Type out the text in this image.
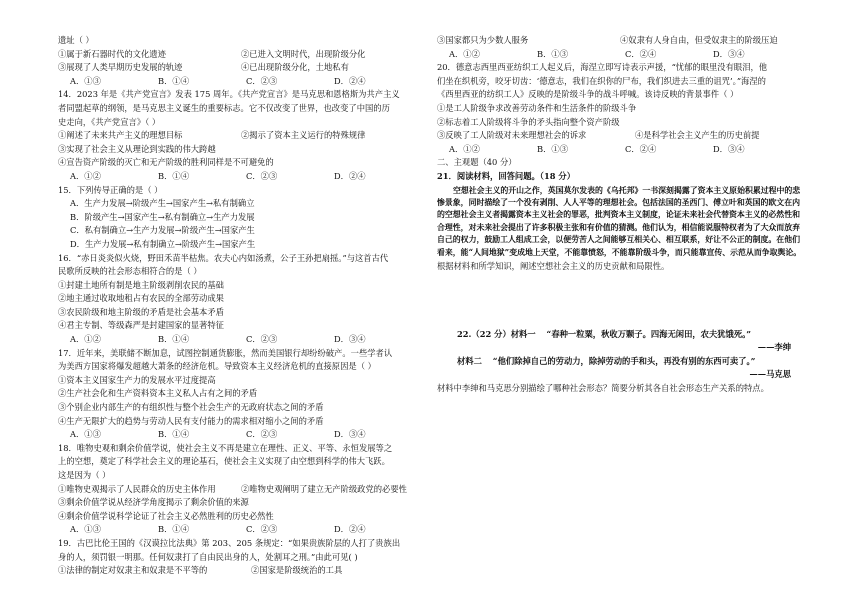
遗址（ ）
①属于新石器时代的文化遗迹	②已进入文明时代，出现阶级分化
③展现了人类早期历史发展的轨迹	④已出现阶级分化，土地私有
A．①③	B．①④	C．②③	D．②④
14．2023 年是《共产党宣言》发表 175 周年。《共产党宣言》是马克思和恩格斯为共产主义
者同盟起草的纲领，是马克思主义诞生的重要标志。它不仅改变了世界，也改变了中国的历
史走向，《共产党宣言》（ ）
①阐述了未来共产主义的理想目标	②揭示了资本主义运行的特殊规律
③实现了社会主义从理论到实践的伟大跨越
④宣告资产阶级的灭亡和无产阶级的胜利同样是不可避免的
A．①②	B．①④	C．②③	D．②④
15．下列传导正确的是（ ）
A．生产力发展→阶级产生→国家产生→私有制确立
B．阶级产生→国家产生→私有制确立→生产力发展
C．私有制确立→生产力发展→阶级产生→国家产生
D．生产力发展→私有制确立→阶级产生→国家产生
16．“赤日炎炎似火烧，野田禾苗半枯焦。农夫心内如汤煮，公子王孙把扇摇。”与这首古代
民歌所反映的社会形态相符合的是（ ）
①封建土地所有制是地主阶级剥削农民的基础
②地主通过收取地租占有农民的全部劳动成果
③农民阶级和地主阶级的矛盾是社会基本矛盾
④君主专制、等级森严是封建国家的显著特征
A．①②	B．①④	C．②③	D．③④
17．近年来，美联储不断加息，试图控制通货膨胀，然而美国银行却纷纷破产。一些学者认
为美西方国家将爆发超越大萧条的经济危机。导致资本主义经济危机的直接原因是（ ）
①资本主义国家生产力的发展水平过度提高
②生产社会化和生产资料资本主义私人占有之间的矛盾
③个别企业内部生产的有组织性与整个社会生产的无政府状态之间的矛盾
④生产无限扩大的趋势与劳动人民有支付能力的需求相对缩小之间的矛盾
A．①③	B．①④	C．②③	D．③④
18．唯物史观和剩余价值学说，使社会主义不再是建立在理性、正义、平等、永恒发展等之
上的空想，奠定了科学社会主义的理论基石，使社会主义实现了由空想到科学的伟大飞跃。
这是因为（ ）
①唯物史观揭示了人民群众的历史主体作用	②唯物史观阐明了建立无产阶级政党的必要性
③剩余价值学说从经济学角度揭示了剩余价值的来源
④剩余价值学说科学论证了社会主义必然胜利的历史必然性
A．①③	B．①④	C．②③	D．②④
19．古巴比伦王国的《汉谟拉比法典》第 203、205 条规定：“如果贵族阶层的人打了贵族出
身的人，须罚银一明那。任何奴隶打了自由民出身的人，处割耳之刑。”由此可见( )
①法律的制定对奴隶主和奴隶是不平等的	②国家是阶级统治的工具
③国家都只为少数人服务	④奴隶有人身自由，但受奴隶主的阶级压迫
A．①②	B．①③	C．②④	D．③④
20．德意志西里西亚纺织工人起义后，海涅立即写诗表示声援，“忧郁的眼里没有眼泪，他
们坐在织机旁，咬牙切齿：‘德意志，我们在织你的尸布，我们织进去三重的诅咒’。”海涅的
《西里西亚的纺织工人》反映的是阶级斗争的战斗呼喊。该诗反映的背景事件（ ）
①是工人阶级争求改善劳动条件和生活条件的阶级斗争
②标志着工人阶级将斗争的矛头指向整个资产阶级
③反映了工人阶级对未来理想社会的诉求	④是科学社会主义产生的历史前提
A．①②	B．①③	C．②④	D．③④
二、主观题（40 分）
21．阅读材料，回答问题。（18 分）
空想社会主义的开山之作，英国莫尔发表的《乌托邦》一书深刻揭露了资本主义原始积累过程中的悲惨景象，同时描绘了一个没有剥削、人人平等的理想社会。包括法国的圣西门、傅立叶和英国的欧文在内的空想社会主义者揭露资本主义社会的罪恶，批判资本主义制度，论证未来社会代替资本主义的必然性和合理性，对未来社会提出了许多积极主张和有价值的猜测。他们认为，相信能说服特权者为了大众而放弃自己的权力，鼓励工人组成工会，以便劳苦人之间能够互相关心、相互联系，好让不公正的制度。在他们看来，能“人间地狱”变成地上天堂，不能靠愤怒，不能靠阶级斗争，而只能靠宣传、示范从而争取舆论。
根据材料和所学知识，阐述空想社会主义的历史贡献和局限性。
22.（22 分）材料一 “春种一粒粟，秋收万颗子。四海无闲田，农夫犹饿死。”
——李绅
材料二 “他们除掉自己的劳动力，除掉劳动的手和头，再没有别的东西可卖了。”
——马克思
材料中李绅和马克思分别描绘了哪种社会形态？简要分析其各自社会形态生产关系的特点。
